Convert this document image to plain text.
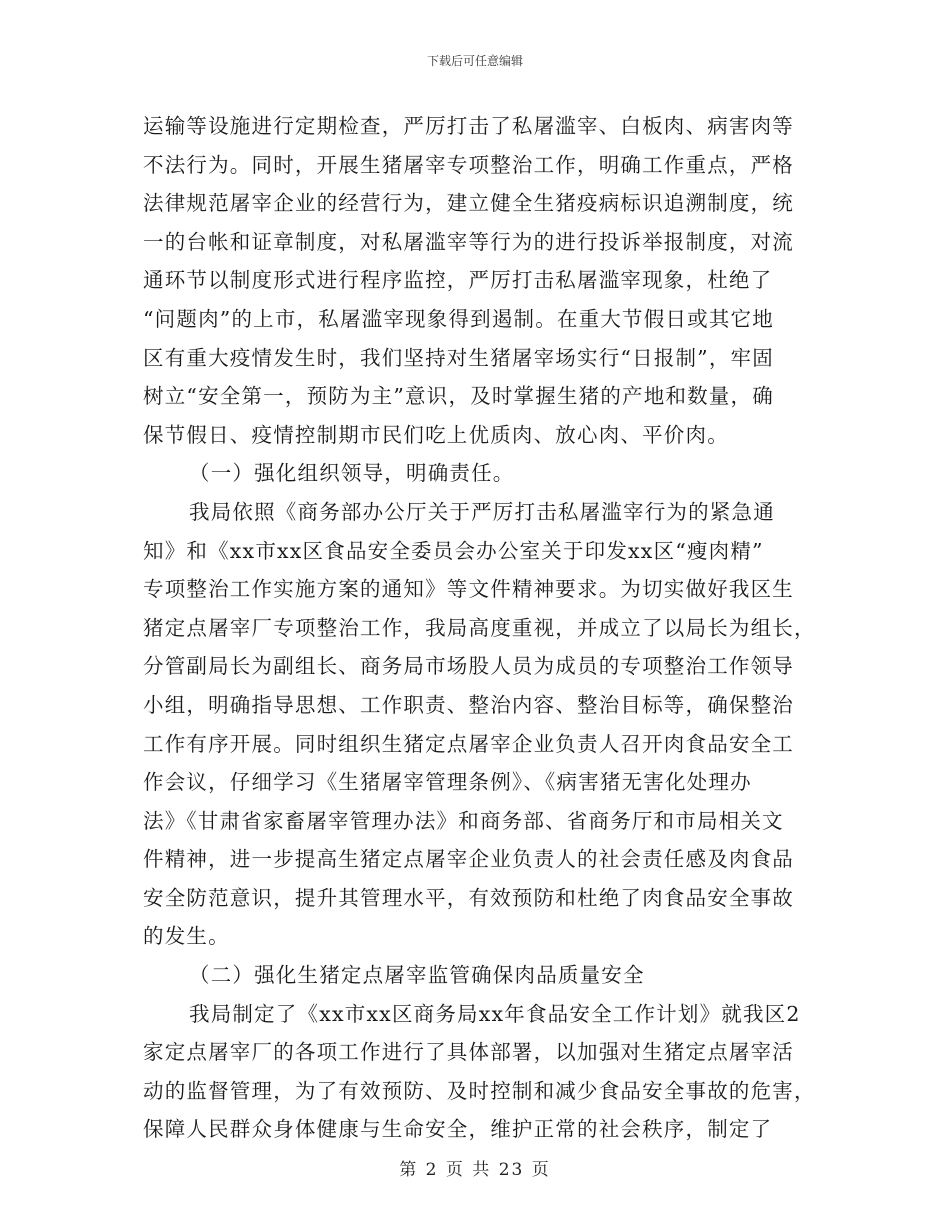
下载后可任意编辑
运输等设施进行定期检查，严厉打击了私屠滥宰、白板肉、病害肉等
不法行为。同时，开展生猪屠宰专项整治工作，明确工作重点，严格
法律规范屠宰企业的经营行为，建立健全生猪疫病标识追溯制度，统
一的台帐和证章制度，对私屠滥宰等行为的进行投诉举报制度，对流
通环节以制度形式进行程序监控，严厉打击私屠滥宰现象，杜绝了
“问题肉”的上市，私屠滥宰现象得到遏制。在重大节假日或其它地
区有重大疫情发生时，我们坚持对生猪屠宰场实行“日报制”，牢固
树立“安全第一，预防为主”意识，及时掌握生猪的产地和数量，确
保节假日、疫情控制期市民们吃上优质肉、放心肉、平价肉。
（一）强化组织领导，明确责任。
我局依照《商务部办公厅关于严厉打击私屠滥宰行为的紧急通
知》和《xx市xx区食品安全委员会办公室关于印发xx区“瘦肉精”
专项整治工作实施方案的通知》等文件精神要求。为切实做好我区生
猪定点屠宰厂专项整治工作，我局高度重视，并成立了以局长为组长，
分管副局长为副组长、商务局市场股人员为成员的专项整治工作领导
小组，明确指导思想、工作职责、整治内容、整治目标等，确保整治
工作有序开展。同时组织生猪定点屠宰企业负责人召开肉食品安全工
作会议，仔细学习《生猪屠宰管理条例》、《病害猪无害化处理办
法》《甘肃省家畜屠宰管理办法》和商务部、省商务厅和市局相关文
件精神，进一步提高生猪定点屠宰企业负责人的社会责任感及肉食品
安全防范意识，提升其管理水平，有效预防和杜绝了肉食品安全事故
的发生。
（二）强化生猪定点屠宰监管确保肉品质量安全
我局制定了《xx市xx区商务局xx年食品安全工作计划》就我区2
家定点屠宰厂的各项工作进行了具体部署，以加强对生猪定点屠宰活
动的监督管理，为了有效预防、及时控制和减少食品安全事故的危害，
保障人民群众身体健康与生命安全，维护正常的社会秩序，制定了
第 2 页 共 23 页
